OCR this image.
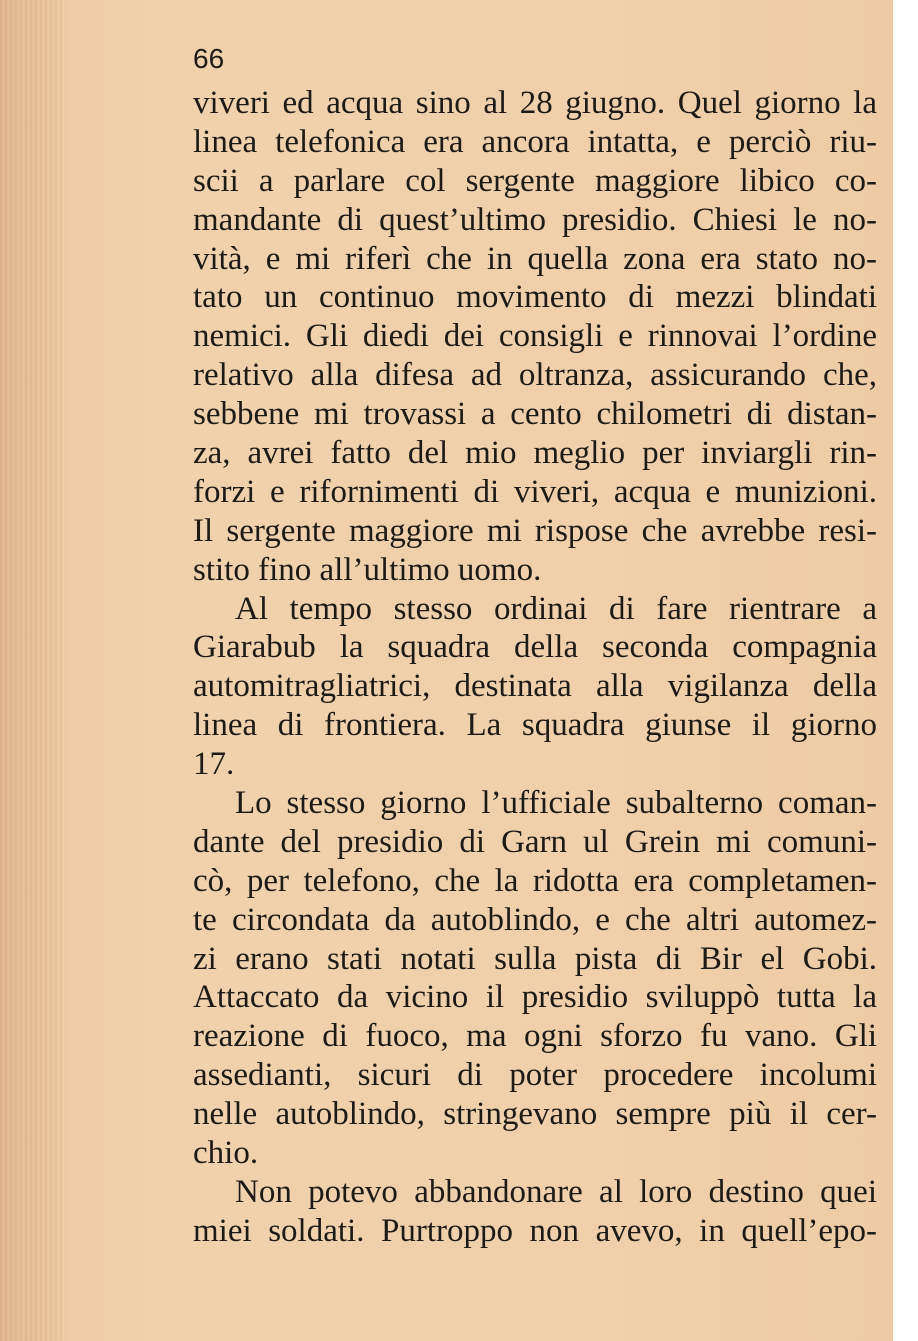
66
viveri ed acqua sino al 28 giugno. Quel giorno la
linea telefonica era ancora intatta, e perciò riu-
scii a parlare col sergente maggiore libico co-
mandante di quest’ultimo presidio. Chiesi le no-
vità, e mi riferì che in quella zona era stato no-
tato un continuo movimento di mezzi blindati
nemici. Gli diedi dei consigli e rinnovai l’ordine
relativo alla difesa ad oltranza, assicurando che,
sebbene mi trovassi a cento chilometri di distan-
za, avrei fatto del mio meglio per inviargli rin-
forzi e rifornimenti di viveri, acqua e munizioni.
Il sergente maggiore mi rispose che avrebbe resi-
stito fino all’ultimo uomo.
Al tempo stesso ordinai di fare rientrare a
Giarabub la squadra della seconda compagnia
automitragliatrici, destinata alla vigilanza della
linea di frontiera. La squadra giunse il giorno
17.
Lo stesso giorno l’ufficiale subalterno coman-
dante del presidio di Garn ul Grein mi comuni-
cò, per telefono, che la ridotta era completamen-
te circondata da autoblindo, e che altri automez-
zi erano stati notati sulla pista di Bir el Gobi.
Attaccato da vicino il presidio sviluppò tutta la
reazione di fuoco, ma ogni sforzo fu vano. Gli
assedianti, sicuri di poter procedere incolumi
nelle autoblindo, stringevano sempre più il cer-
chio.
Non potevo abbandonare al loro destino quei
miei soldati. Purtroppo non avevo, in quell’epo-
